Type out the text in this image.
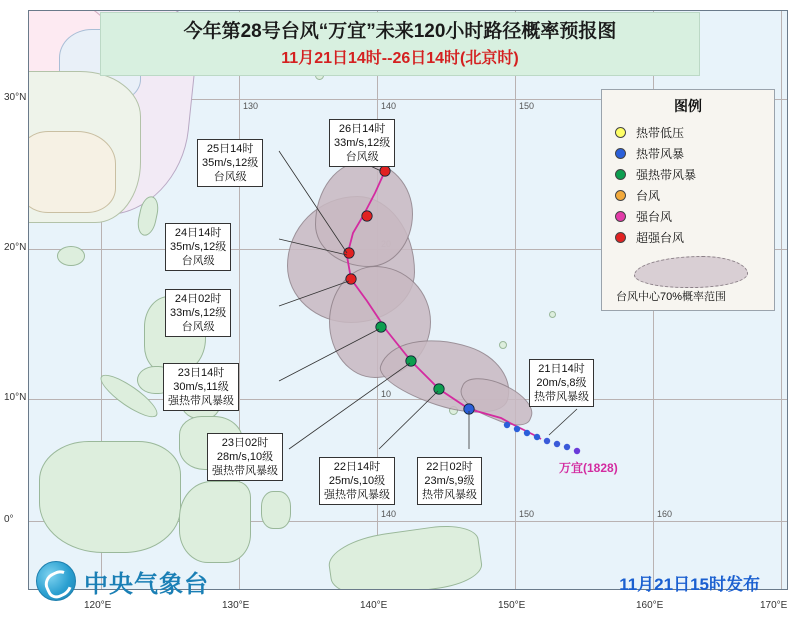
130	140	150
140	150	160
10
26日14时
33m/s,12级
台风级
25日14时
35m/s,12级
台风级
24日14时
35m/s,12级
台风级
24日02时
33m/s,12级
台风级
23日14时
30m/s,11级
强热带风暴级
23日02时
28m/s,10级
强热带风暴级	22日14时
25m/s,10级
强热带风暴级
22日02时
23m/s,9级
热带风暴级
21日14时
20m/s,8级
热带风暴级
万宜(1828)
图例
热带低压
热带风暴
强热带风暴
台风
强台风
超强台风
台风中心70%概率范围
今年第28号台风“万宜”未来120小时路径概率预报图
11月21日14时--26日14时(北京时)
120°E	130°E	140°E	150°E	160°E	170°E
30°N
20°N
10°N
0°
中央气象台	11月21日15时发布
